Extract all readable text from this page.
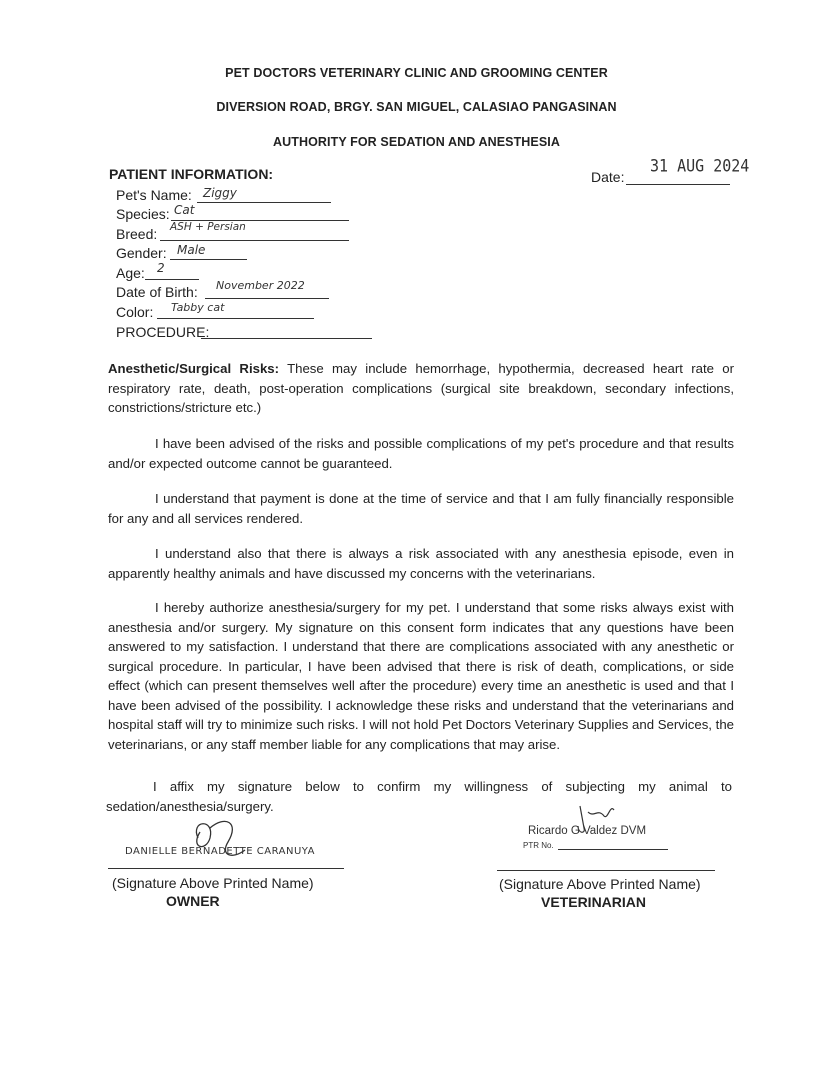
PET DOCTORS VETERINARY CLINIC AND GROOMING CENTER
DIVERSION ROAD, BRGY. SAN MIGUEL, CALASIAO PANGASINAN
AUTHORITY FOR SEDATION AND ANESTHESIA
PATIENT INFORMATION:	Date:
31 AUG 2024
Pet's Name: Ziggy
Species: Cat
Breed: ASH + Persian
Gender: Male
Age: 2
Date of Birth: November 2022
Color: Tabby cat
PROCEDURE:
Anesthetic/Surgical Risks: These may include hemorrhage, hypothermia, decreased heart rate or respiratory rate, death, post-operation complications (surgical site breakdown, secondary infections, constrictions/stricture etc.)
I have been advised of the risks and possible complications of my pet's procedure and that results and/or expected outcome cannot be guaranteed.
I understand that payment is done at the time of service and that I am fully financially responsible for any and all services rendered.
I understand also that there is always a risk associated with any anesthesia episode, even in apparently healthy animals and have discussed my concerns with the veterinarians.
I hereby authorize anesthesia/surgery for my pet. I understand that some risks always exist with anesthesia and/or surgery. My signature on this consent form indicates that any questions have been answered to my satisfaction. I understand that there are complications associated with any anesthetic or surgical procedure. In particular, I have been advised that there is risk of death, complications, or side effect (which can present themselves well after the procedure) every time an anesthetic is used and that I have been advised of the possibility. I acknowledge these risks and understand that the veterinarians and hospital staff will try to minimize such risks. I will not hold Pet Doctors Veterinary Supplies and Services, the veterinarians, or any staff member liable for any complications that may arise.
I affix my signature below to confirm my willingness of subjecting my animal to sedation/anesthesia/surgery.
DANIELLE BERNADETTE CARANUYA
(Signature Above Printed Name)
OWNER
Ricardo G Valdez DVM
PTR No.
(Signature Above Printed Name)
VETERINARIAN
